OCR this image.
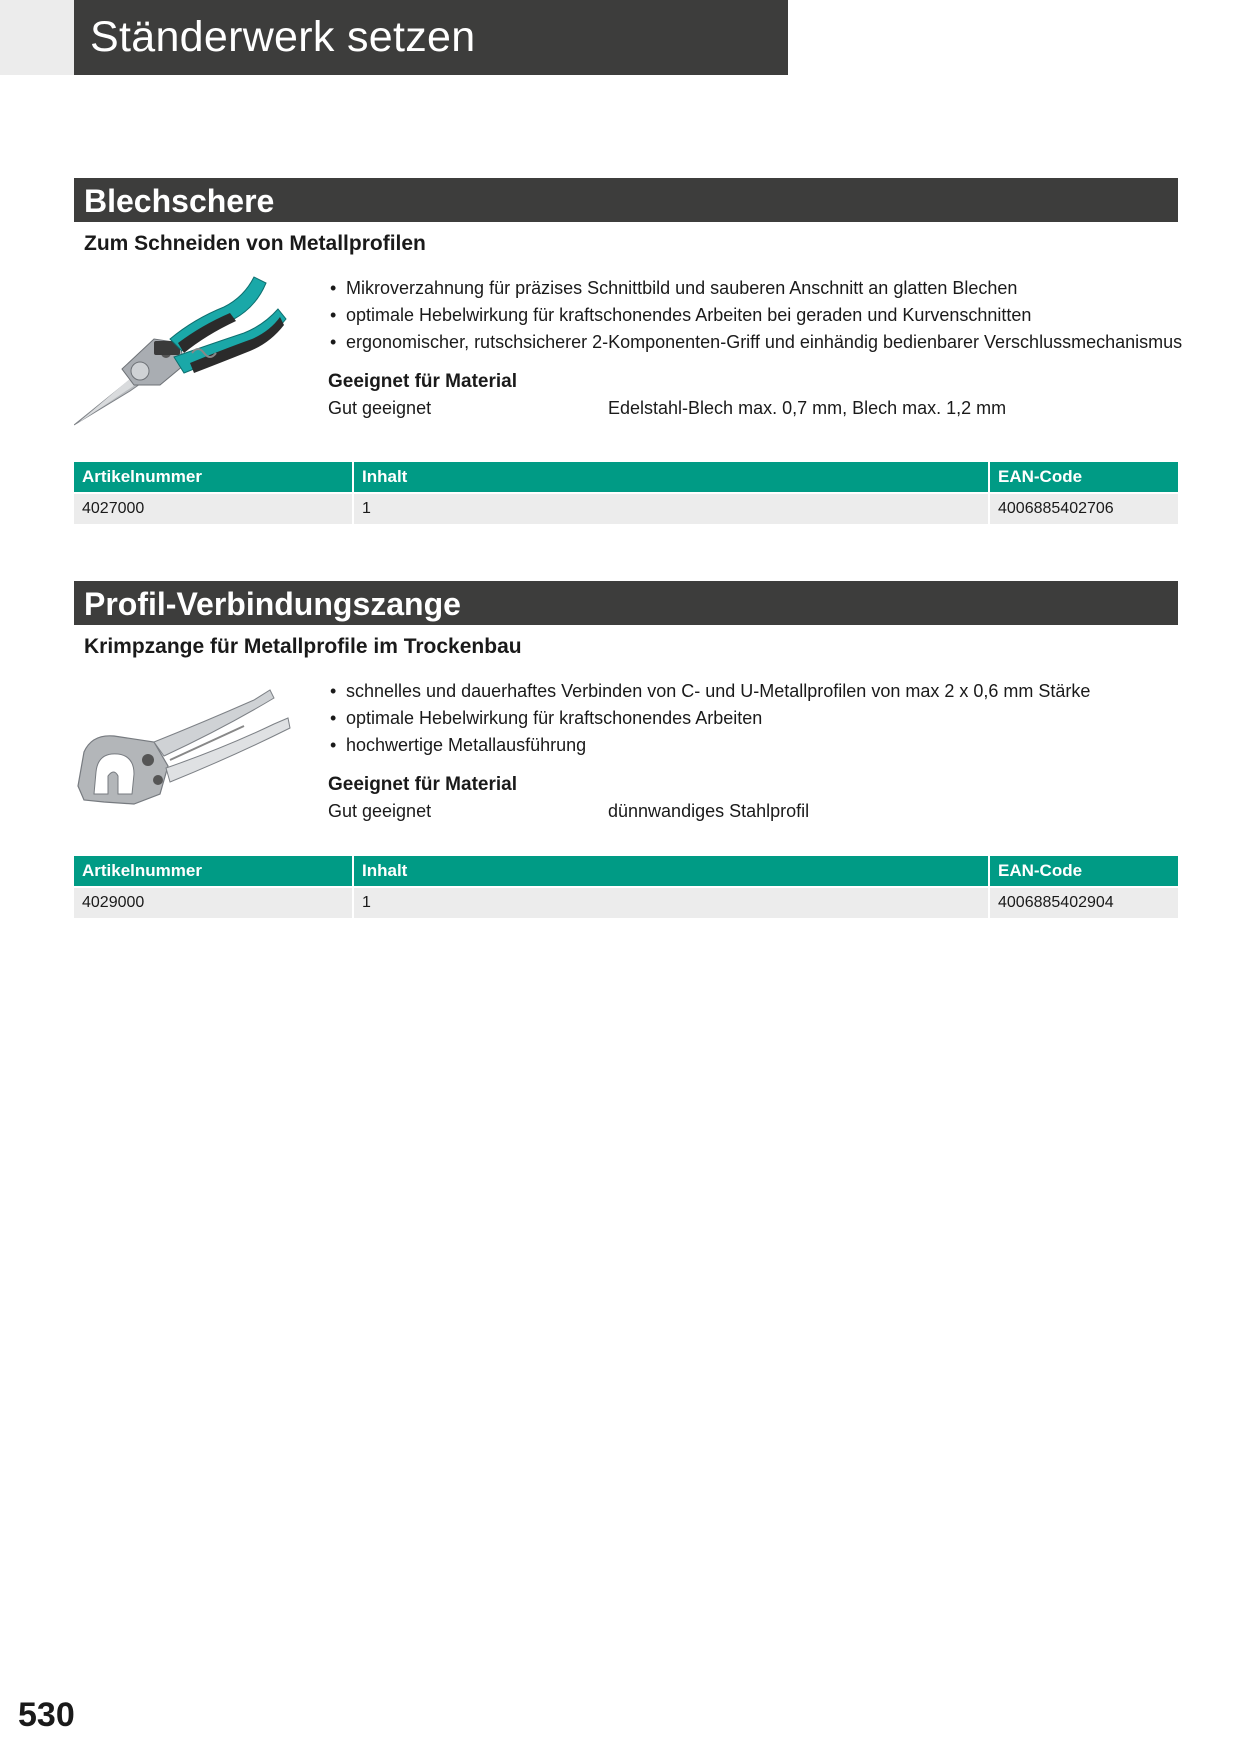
Ständerwerk setzen
Blechschere
Zum Schneiden von Metallprofilen
• Mikroverzahnung für präzises Schnittbild und sauberen Anschnitt an glatten Blechen
• optimale Hebelwirkung für kraftschonendes Arbeiten bei geraden und Kurvenschnitten
• ergonomischer, rutschsicherer 2-Komponenten-Griff und einhändig bedienbarer Verschlussmechanismus
Geeignet für Material
Gut geeignet	Edelstahl-Blech max. 0,7 mm, Blech max. 1,2 mm
Artikelnummer	Inhalt	EAN-Code
4027000	1	4006885402706
Profil-Verbindungszange
Krimpzange für Metallprofile im Trockenbau
• schnelles und dauerhaftes Verbinden von C- und U-Metallprofilen von max 2 x 0,6 mm Stärke
• optimale Hebelwirkung für kraftschonendes Arbeiten
• hochwertige Metallausführung
Geeignet für Material
Gut geeignet	dünnwandiges Stahlprofil
Artikelnummer	Inhalt	EAN-Code
4029000	1	4006885402904
530
